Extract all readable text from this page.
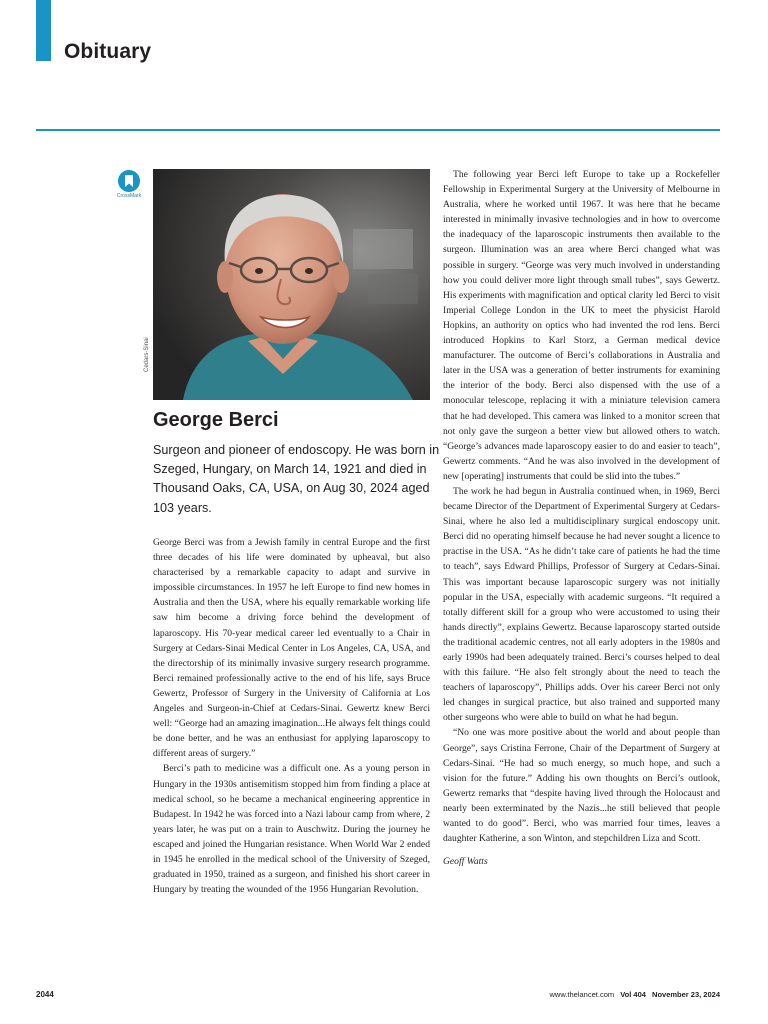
Obituary
CrossMark
Cedars-Sinai
George Berci

Surgeon and pioneer of endoscopy. He was born in Szeged, Hungary, on March 14, 1921 and died in Thousand Oaks, CA, USA, on Aug 30, 2024 aged 103 years.

George Berci was from a Jewish family in central Europe and the first three decades of his life were dominated by upheaval, but also characterised by a remarkable capacity to adapt and survive in impossible circumstances. In 1957 he left Europe to find new homes in Australia and then the USA, where his equally remarkable working life saw him become a driving force behind the development of laparoscopy. His 70-year medical career led eventually to a Chair in Surgery at Cedars-Sinai Medical Center in Los Angeles, CA, USA, and the directorship of its minimally invasive surgery research programme. Berci remained professionally active to the end of his life, says Bruce Gewertz, Professor of Surgery in the University of California at Los Angeles and Surgeon-in-Chief at Cedars-Sinai. Gewertz knew Berci well: “George had an amazing imagination...He always felt things could be done better, and he was an enthusiast for applying laparoscopy to different areas of surgery.”

Berci’s path to medicine was a difficult one. As a young person in Hungary in the 1930s antisemitism stopped him from finding a place at medical school, so he became a mechanical engineering apprentice in Budapest. In 1942 he was forced into a Nazi labour camp from where, 2 years later, he was put on a train to Auschwitz. During the journey he escaped and joined the Hungarian resistance. When World War 2 ended in 1945 he enrolled in the medical school of the University of Szeged, graduated in 1950, trained as a surgeon, and finished his short career in Hungary by treating the wounded of the 1956 Hungarian Revolution.

The following year Berci left Europe to take up a Rockefeller Fellowship in Experimental Surgery at the University of Melbourne in Australia, where he worked until 1967. It was here that he became interested in minimally invasive technologies and in how to overcome the inadequacy of the laparoscopic instruments then available to the surgeon. Illumination was an area where Berci changed what was possible in surgery. “George was very much involved in understanding how you could deliver more light through small tubes”, says Gewertz. His experiments with magnification and optical clarity led Berci to visit Imperial College London in the UK to meet the physicist Harold Hopkins, an authority on optics who had invented the rod lens. Berci introduced Hopkins to Karl Storz, a German medical device manufacturer. The outcome of Berci’s collaborations in Australia and later in the USA was a generation of better instruments for examining the interior of the body. Berci also dispensed with the use of a monocular telescope, replacing it with a miniature television camera that he had developed. This camera was linked to a monitor screen that not only gave the surgeon a better view but allowed others to watch. “George’s advances made laparoscopy easier to do and easier to teach”, Gewertz comments. “And he was also involved in the development of new [operating] instruments that could be slid into the tubes.”

The work he had begun in Australia continued when, in 1969, Berci became Director of the Department of Experimental Surgery at Cedars-Sinai, where he also led a multidisciplinary surgical endoscopy unit. Berci did no operating himself because he had never sought a licence to practise in the USA. “As he didn’t take care of patients he had the time to teach”, says Edward Phillips, Professor of Surgery at Cedars-Sinai. This was important because laparoscopic surgery was not initially popular in the USA, especially with academic surgeons. “It required a totally different skill for a group who were accustomed to using their hands directly”, explains Gewertz. Because laparoscopy started outside the traditional academic centres, not all early adopters in the 1980s and early 1990s had been adequately trained. Berci’s courses helped to deal with this failure. “He also felt strongly about the need to teach the teachers of laparoscopy”, Phillips adds. Over his career Berci not only led changes in surgical practice, but also trained and supported many other surgeons who were able to build on what he had begun.

“No one was more positive about the world and about people than George”, says Cristina Ferrone, Chair of the Department of Surgery at Cedars-Sinai. “He had so much energy, so much hope, and such a vision for the future.” Adding his own thoughts on Berci’s outlook, Gewertz remarks that “despite having lived through the Holocaust and nearly been exterminated by the Nazis...he still believed that people wanted to do good”. Berci, who was married four times, leaves a daughter Katherine, a son Winton, and stepchildren Liza and Scott.

Geoff Watts

2044	www.thelancet.com Vol 404 November 23, 2024
